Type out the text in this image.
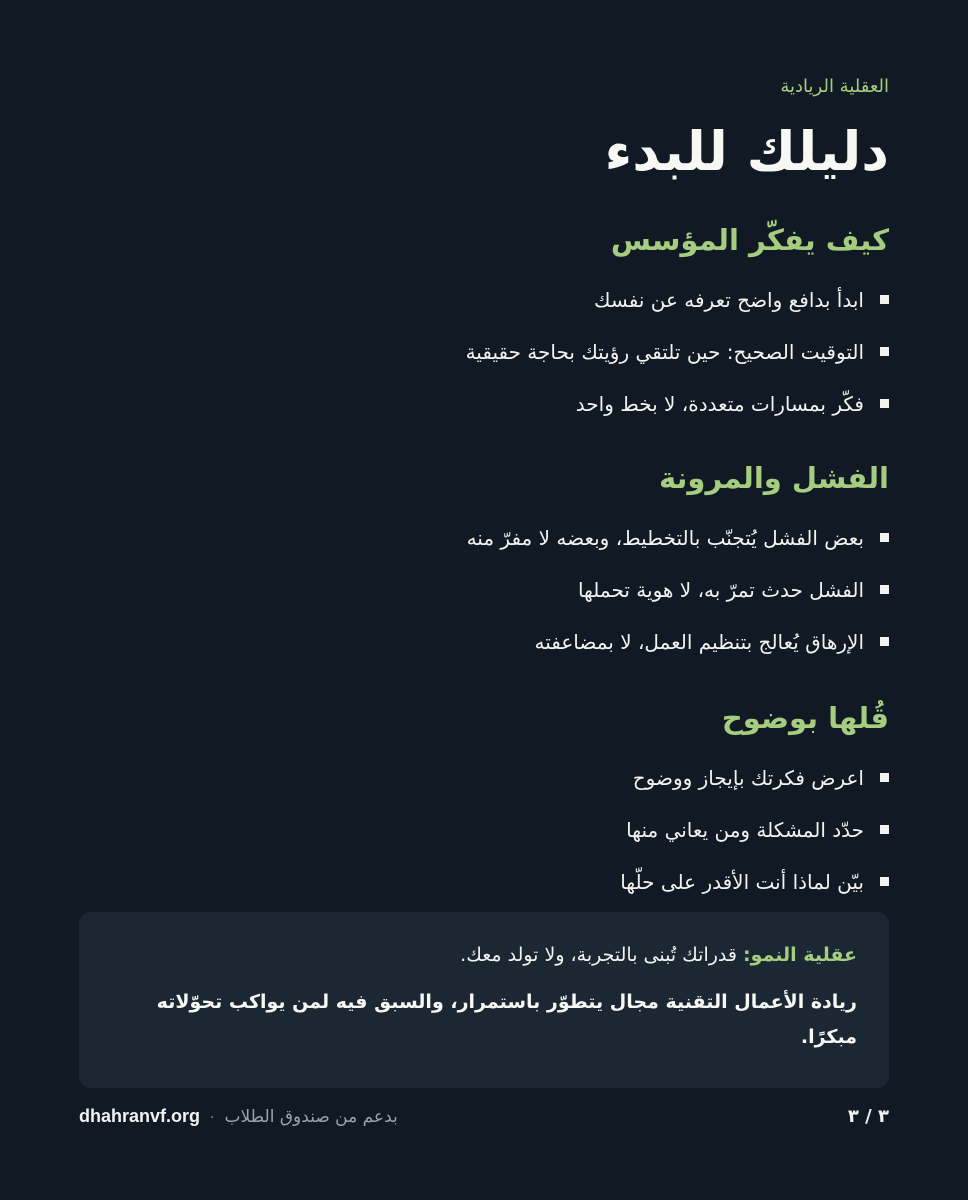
العقلية الريادية
دليلك للبدء
كيف يفكّر المؤسس
ابدأ بدافع واضح تعرفه عن نفسك
التوقيت الصحيح: حين تلتقي رؤيتك بحاجة حقيقية
فكّر بمسارات متعددة، لا بخط واحد
الفشل والمرونة
بعض الفشل يُتجنّب بالتخطيط، وبعضه لا مفرّ منه
الفشل حدث تمرّ به، لا هوية تحملها
الإرهاق يُعالج بتنظيم العمل، لا بمضاعفته
قُلها بوضوح
اعرض فكرتك بإيجاز ووضوح
حدّد المشكلة ومن يعاني منها
بيّن لماذا أنت الأقدر على حلّها
عقلية النمو: قدراتك تُبنى بالتجربة، ولا تولد معك.
ريادة الأعمال التقنية مجال يتطوّر باستمرار، والسبق فيه لمن يواكب تحوّلاته مبكرًا.
٣ / ٣
dhahranvf.org · بدعم من صندوق الطلاب
